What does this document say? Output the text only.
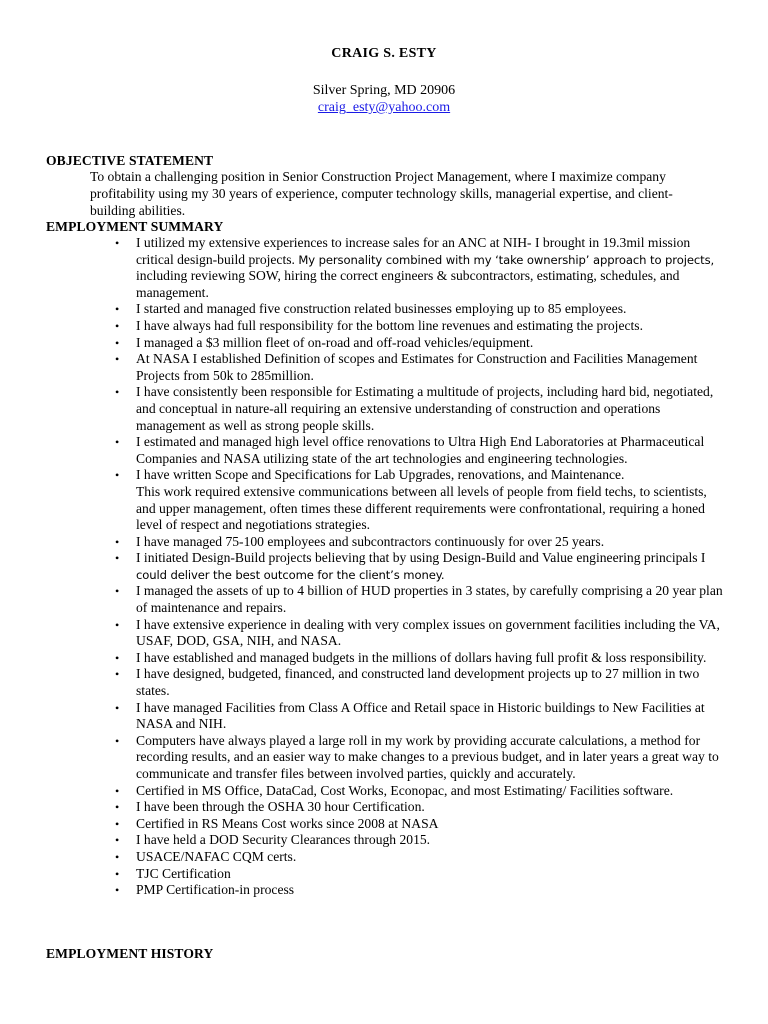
CRAIG S. ESTY
Silver Spring, MD 20906
craig_esty@yahoo.com
OBJECTIVE STATEMENT
To obtain a challenging position in Senior Construction Project Management, where I maximize company profitability using my 30 years of experience, computer technology skills, managerial expertise, and client-building abilities.
EMPLOYMENT SUMMARY
• I utilized my extensive experiences to increase sales for an ANC at NIH- I brought in 19.3mil mission critical design-build projects. My personality combined with my ‘take ownership’ approach to projects, including reviewing SOW, hiring the correct engineers & subcontractors, estimating, schedules, and management.
• I started and managed five construction related businesses employing up to 85 employees.
• I have always had full responsibility for the bottom line revenues and estimating the projects.
• I managed a $3 million fleet of on-road and off-road vehicles/equipment.
• At NASA I established Definition of scopes and Estimates for Construction and Facilities Management Projects from 50k to 285million.
• I have consistently been responsible for Estimating a multitude of projects, including hard bid, negotiated, and conceptual in nature-all requiring an extensive understanding of construction and operations management as well as strong people skills.
• I estimated and managed high level office renovations to Ultra High End Laboratories at Pharmaceutical Companies and NASA utilizing state of the art technologies and engineering technologies.
• I have written Scope and Specifications for Lab Upgrades, renovations, and Maintenance.
This work required extensive communications between all levels of people from field techs, to scientists, and upper management, often times these different requirements were confrontational, requiring a honed level of respect and negotiations strategies.
• I have managed 75-100 employees and subcontractors continuously for over 25 years.
• I initiated Design-Build projects believing that by using Design-Build and Value engineering principals I
could deliver the best outcome for the client’s money.
• I managed the assets of up to 4 billion of HUD properties in 3 states, by carefully comprising a 20 year plan of maintenance and repairs.
• I have extensive experience in dealing with very complex issues on government facilities including the VA, USAF, DOD, GSA, NIH, and NASA.
• I have established and managed budgets in the millions of dollars having full profit & loss responsibility.
• I have designed, budgeted, financed, and constructed land development projects up to 27 million in two states.
• I have managed Facilities from Class A Office and Retail space in Historic buildings to New Facilities at NASA and NIH.
• Computers have always played a large roll in my work by providing accurate calculations, a method for recording results, and an easier way to make changes to a previous budget, and in later years a great way to communicate and transfer files between involved parties, quickly and accurately.
• Certified in MS Office, DataCad, Cost Works, Econopac, and most Estimating/ Facilities software.
• I have been through the OSHA 30 hour Certification.
• Certified in RS Means Cost works since 2008 at NASA
• I have held a DOD Security Clearances through 2015.
• USACE/NAFAC CQM certs.
• TJC Certification
• PMP Certification-in process
EMPLOYMENT HISTORY
